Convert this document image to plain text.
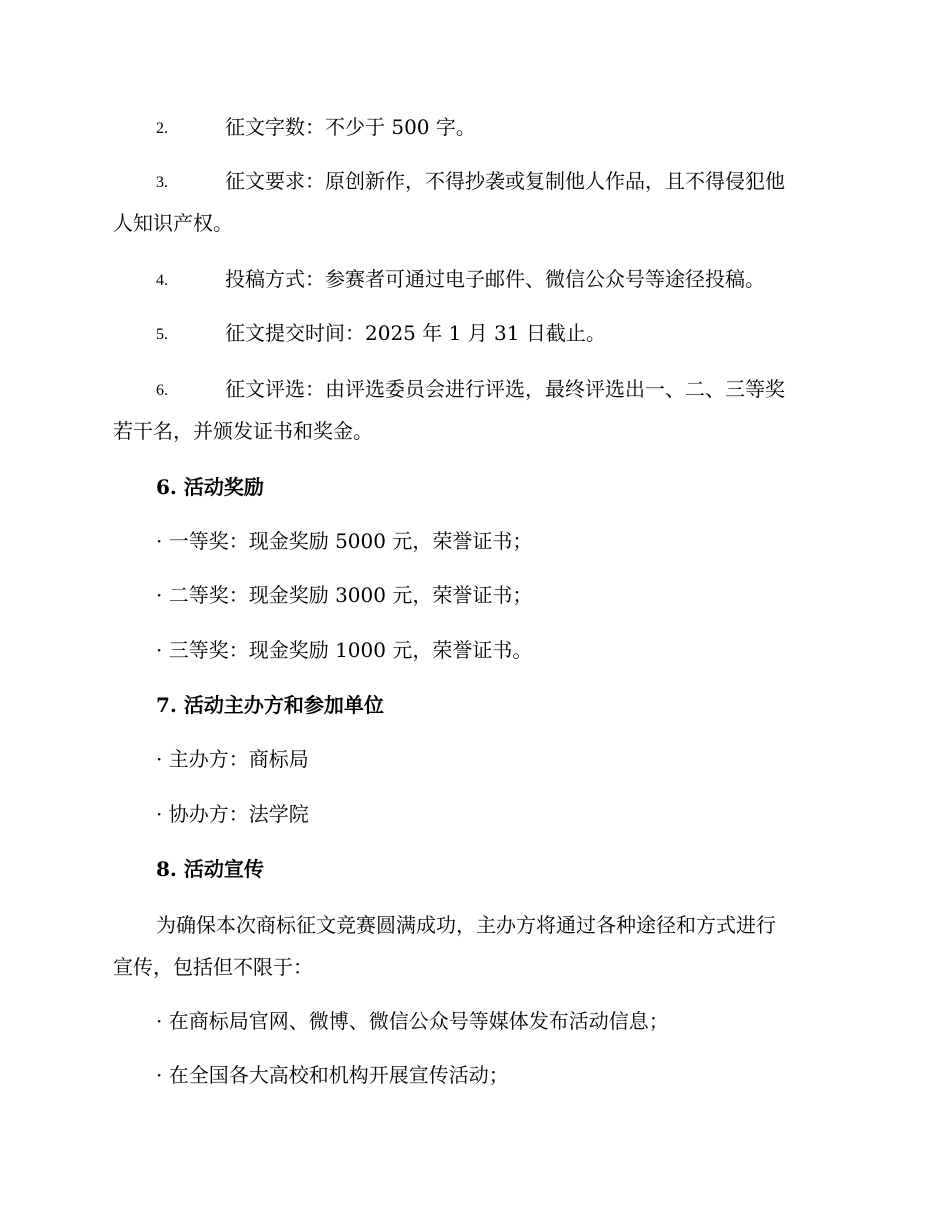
2.	征文字数：不少于 500 字。
3.	征文要求：原创新作，不得抄袭或复制他人作品，且不得侵犯他
人知识产权。
4.	投稿方式：参赛者可通过电子邮件、微信公众号等途径投稿。
5.	征文提交时间：2025 年 1 月 31 日截止。
6.	征文评选：由评选委员会进行评选，最终评选出一、二、三等奖
若干名，并颁发证书和奖金。
6. 活动奖励
· 一等奖：现金奖励 5000 元，荣誉证书；
· 二等奖：现金奖励 3000 元，荣誉证书；
· 三等奖：现金奖励 1000 元，荣誉证书。
7. 活动主办方和参加单位
· 主办方：商标局
· 协办方：法学院
8. 活动宣传
为确保本次商标征文竞赛圆满成功，主办方将通过各种途径和方式进行
宣传，包括但不限于：
· 在商标局官网、微博、微信公众号等媒体发布活动信息；
· 在全国各大高校和机构开展宣传活动；
